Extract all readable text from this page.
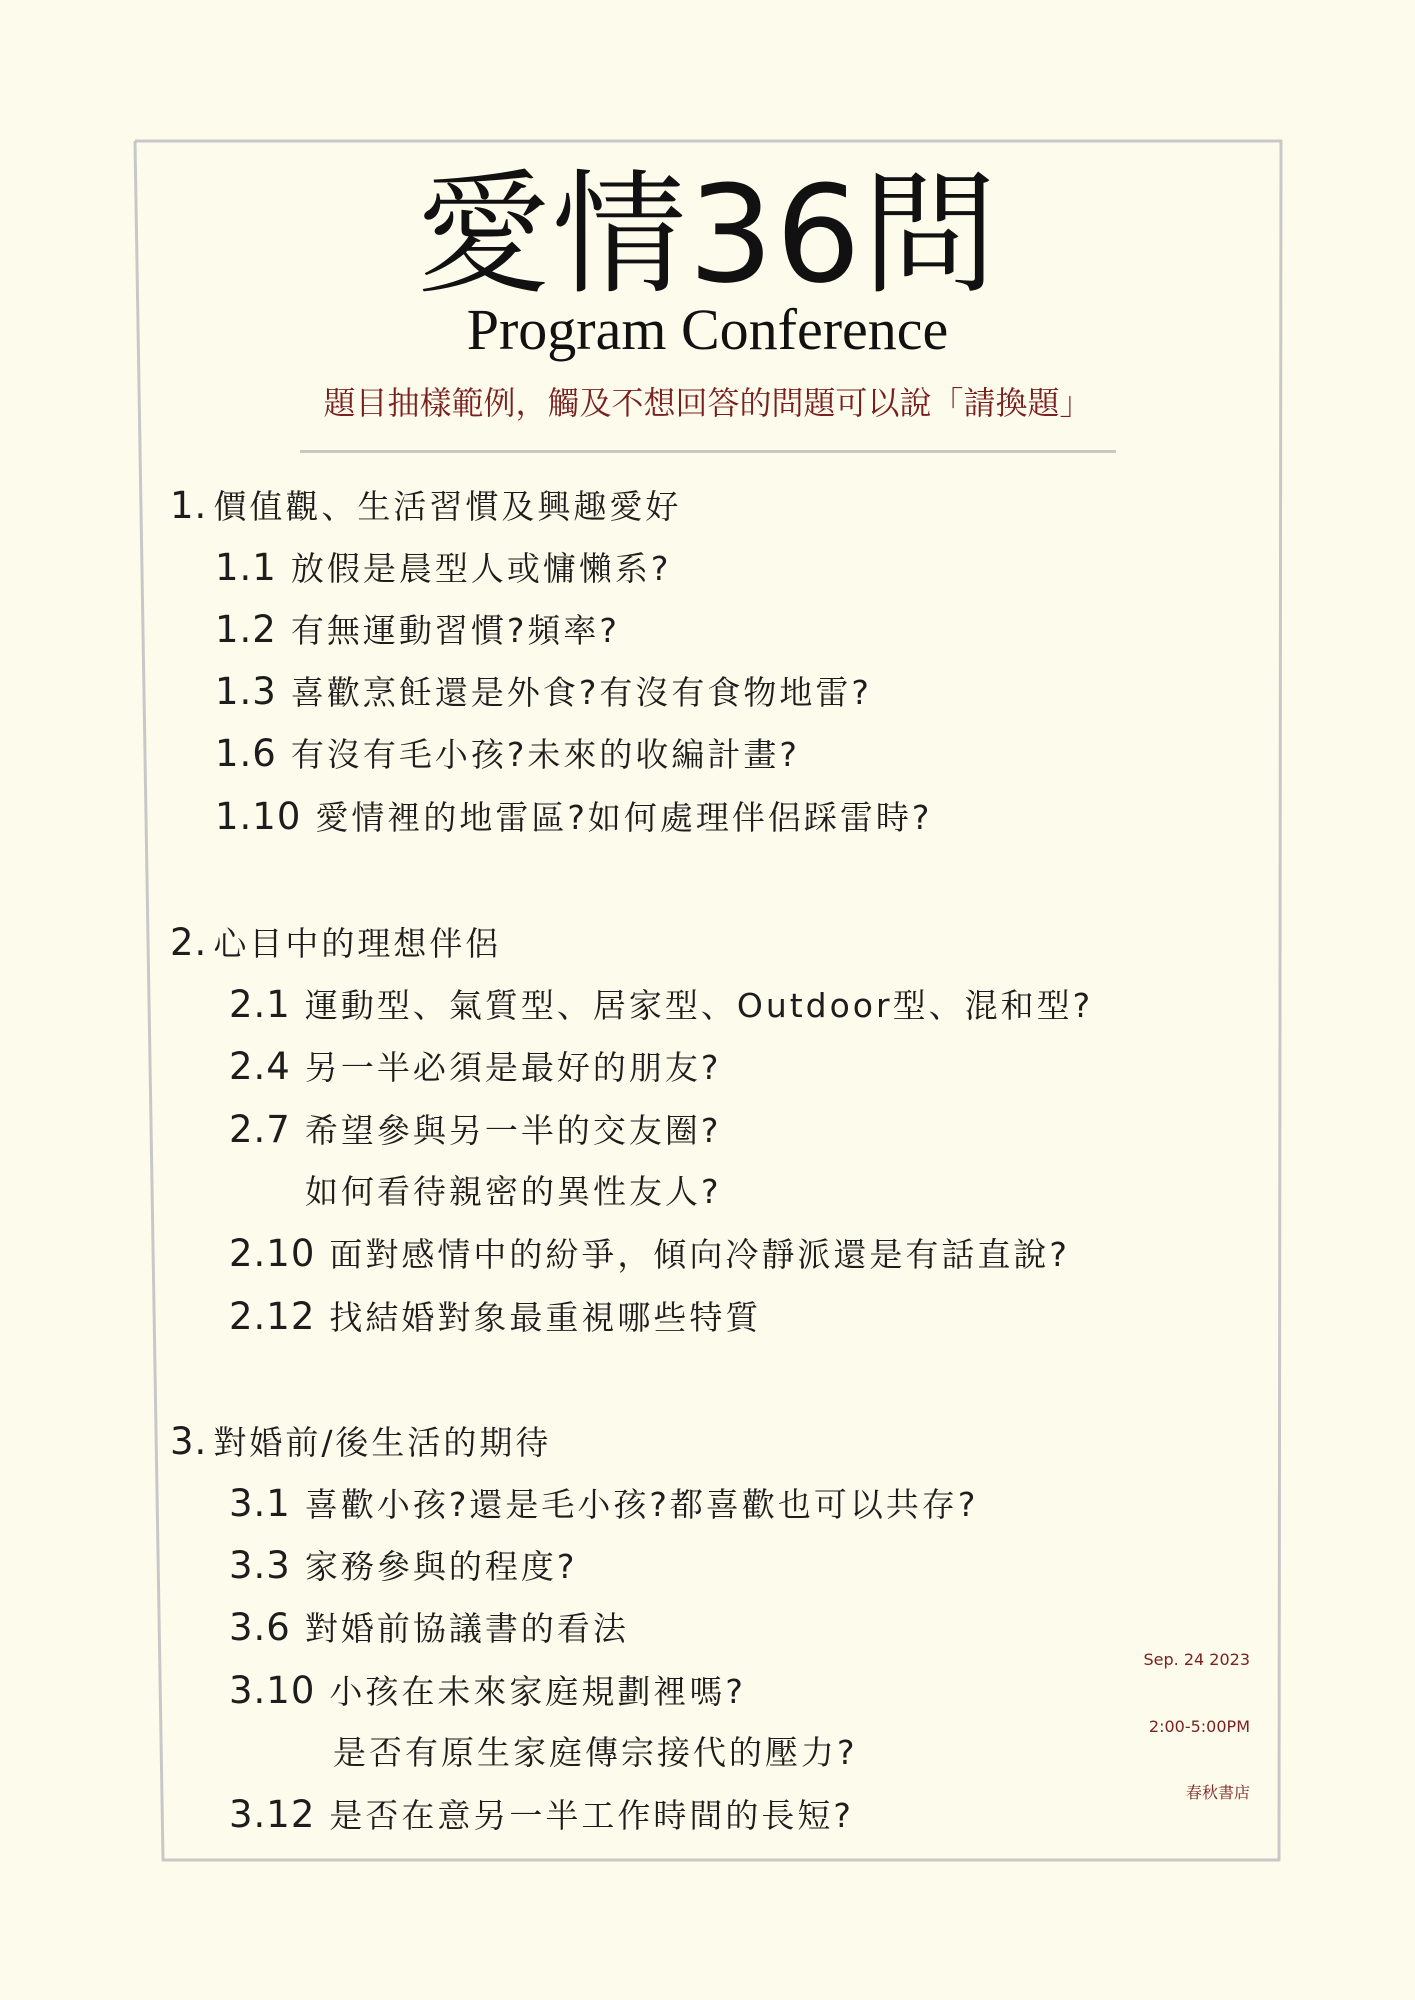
愛情36問
Program Conference
題目抽樣範例，觸及不想回答的問題可以說「請換題」
1. 價值觀、生活習慣及興趣愛好
1.1 放假是晨型人或慵懶系?
1.2 有無運動習慣?頻率?
1.3 喜歡烹飪還是外食?有沒有食物地雷?
1.6 有沒有毛小孩?未來的收編計畫?
1.10 愛情裡的地雷區?如何處理伴侶踩雷時?
2. 心目中的理想伴侶
2.1 運動型、氣質型、居家型、Outdoor型、混和型?
2.4 另一半必須是最好的朋友?
2.7 希望參與另一半的交友圈?
如何看待親密的異性友人?
2.10 面對感情中的紛爭，傾向冷靜派還是有話直說?
2.12 找結婚對象最重視哪些特質
3. 對婚前/後生活的期待
3.1 喜歡小孩?還是毛小孩?都喜歡也可以共存?
3.3 家務參與的程度?
3.6 對婚前協議書的看法
3.10 小孩在未來家庭規劃裡嗎?
是否有原生家庭傳宗接代的壓力?
3.12 是否在意另一半工作時間的長短?
Sep. 24 2023
2:00-5:00PM
春秋書店
